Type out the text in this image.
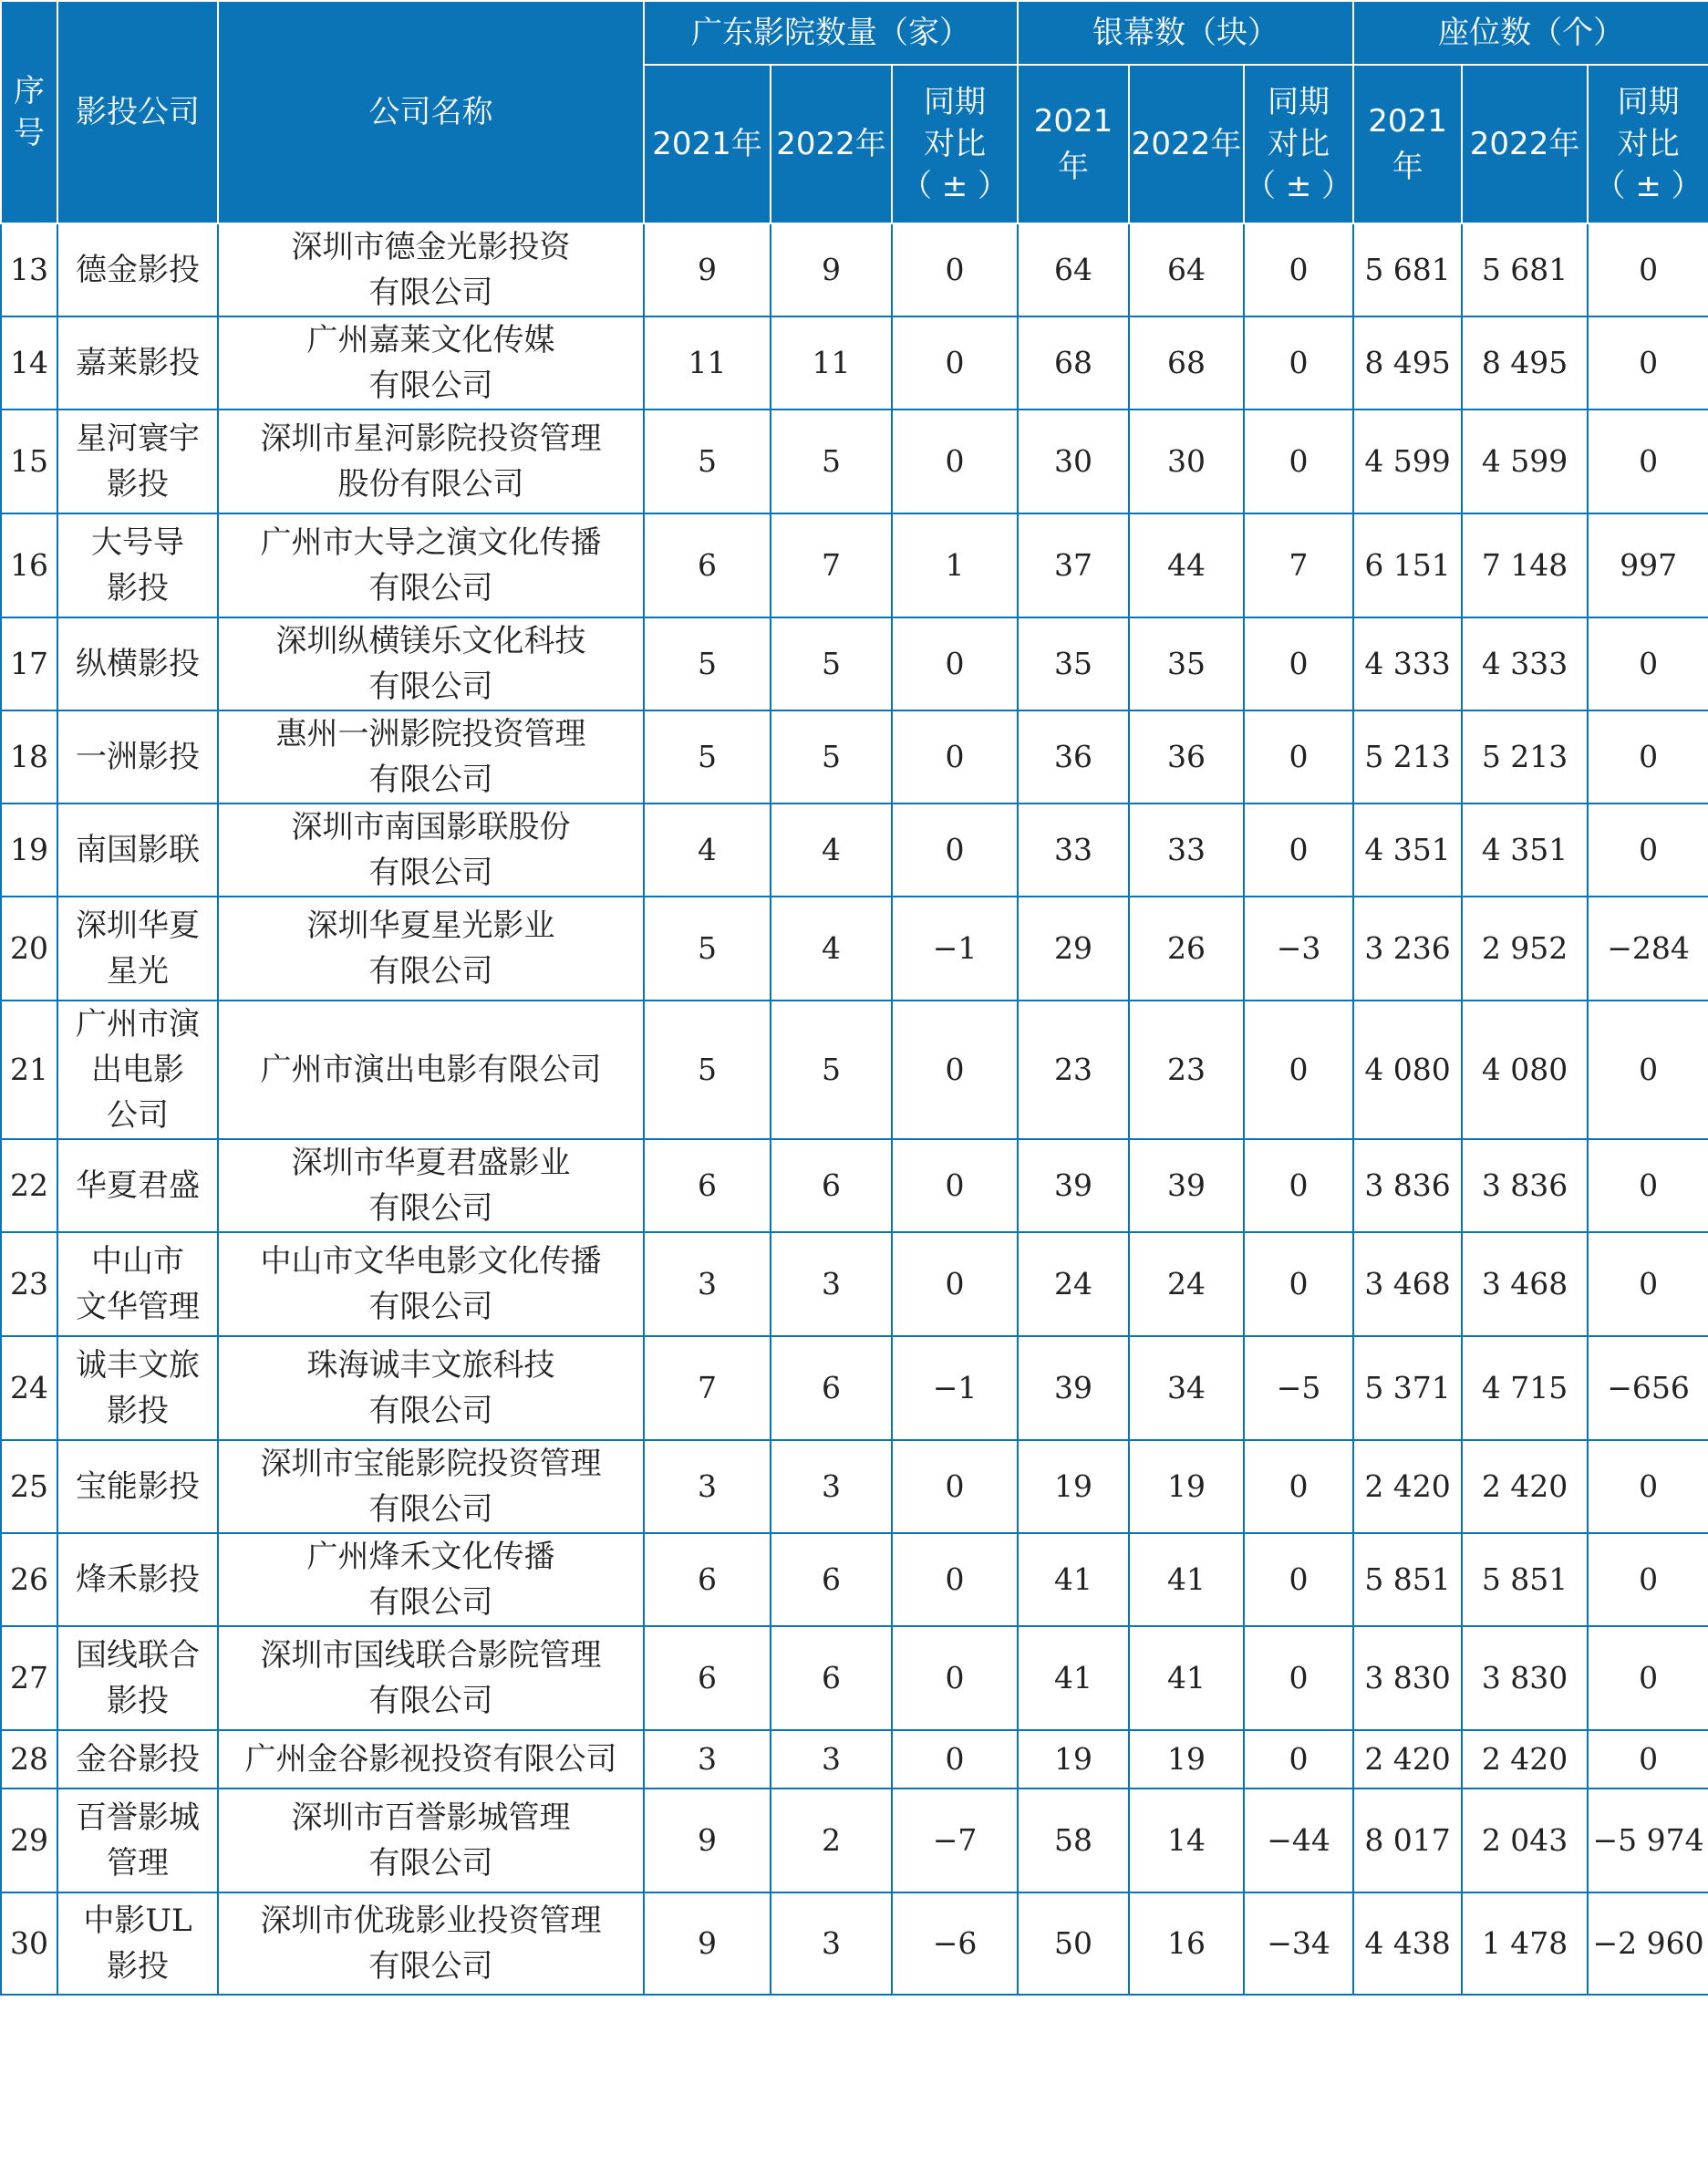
序
号	影投公司	公司名称	广东影院数量（家）			银幕数（块）			座位数（个）		
			2021年	2022年	同期
对比
（ ± ）	2021年	2022年	同期
对比
（ ± ）	2021年	2022年	同期
对比
（ ± ）
13	德金影投	深圳市德金光影投资
有限公司	9	9	0	64	64	0	5 681	5 681	0
14	嘉莱影投	广州嘉莱文化传媒
有限公司	11	11	0	68	68	0	8 495	8 495	0
15	星河寰宇
影投	深圳市星河影院投资管理
股份有限公司	5	5	0	30	30	0	4 599	4 599	0
16	大号导
影投	广州市大导之演文化传播
有限公司	6	7	1	37	44	7	6 151	7 148	997
17	纵横影投	深圳纵横镁乐文化科技
有限公司	5	5	0	35	35	0	4 333	4 333	0
18	一洲影投	惠州一洲影院投资管理
有限公司	5	5	0	36	36	0	5 213	5 213	0
19	南国影联	深圳市南国影联股份
有限公司	4	4	0	33	33	0	4 351	4 351	0
20	深圳华夏
星光	深圳华夏星光影业
有限公司	5	4	−1	29	26	−3	3 236	2 952	−284
21	广州市演
出电影
公司	广州市演出电影有限公司	5	5	0	23	23	0	4 080	4 080	0
22	华夏君盛	深圳市华夏君盛影业
有限公司	6	6	0	39	39	0	3 836	3 836	0
23	中山市
文华管理	中山市文华电影文化传播
有限公司	3	3	0	24	24	0	3 468	3 468	0
24	诚丰文旅
影投	珠海诚丰文旅科技
有限公司	7	6	−1	39	34	−5	5 371	4 715	−656
25	宝能影投	深圳市宝能影院投资管理
有限公司	3	3	0	19	19	0	2 420	2 420	0
26	烽禾影投	广州烽禾文化传播
有限公司	6	6	0	41	41	0	5 851	5 851	0
27	国线联合
影投	深圳市国线联合影院管理
有限公司	6	6	0	41	41	0	3 830	3 830	0
28	金谷影投	广州金谷影视投资有限公司	3	3	0	19	19	0	2 420	2 420	0
29	百誉影城
管理	深圳市百誉影城管理
有限公司	9	2	−7	58	14	−44	8 017	2 043	−5 974
30	中影UL
影投	深圳市优珑影业投资管理
有限公司	9	3	−6	50	16	−34	4 438	1 478	−2 960
